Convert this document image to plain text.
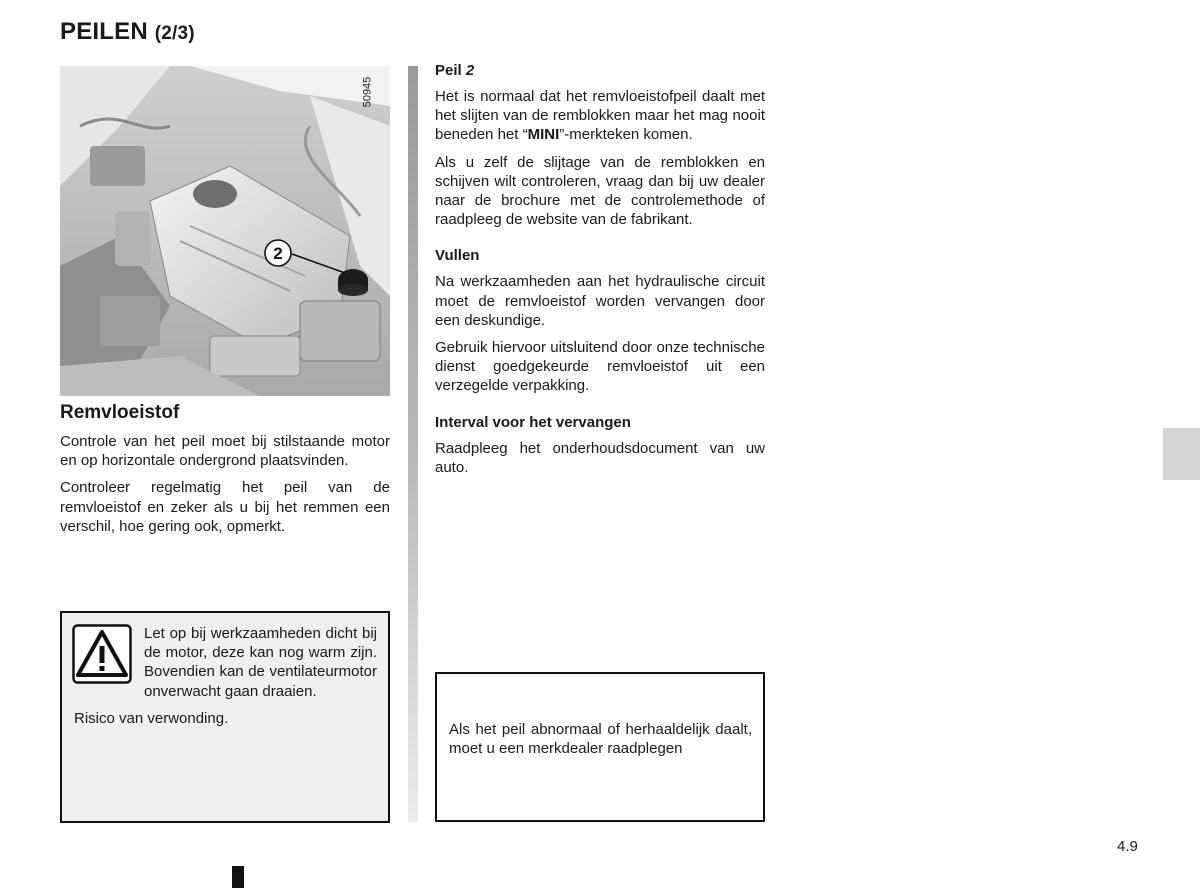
PEILEN (2/3)
2
50945

Remvloeistof

Controle van het peil moet bij stilstaande motor en op horizontale ondergrond plaatsvinden.

Controleer regelmatig het peil van de remvloeistof en zeker als u bij het remmen een verschil, hoe gering ook, opmerkt.

Let op bij werkzaamheden dicht bij de motor, deze kan nog warm zijn. Bovendien kan de ventilateurmotor onverwacht gaan draaien.

Risico van verwonding.

Peil 2

Het is normaal dat het remvloeistofpeil daalt met het slijten van de remblokken maar het mag nooit beneden het “MINI”-merkteken komen.

Als u zelf de slijtage van de remblokken en schijven wilt controleren, vraag dan bij uw dealer naar de brochure met de controlemethode of raadpleeg de website van de fabrikant.

Vullen

Na werkzaamheden aan het hydraulische circuit moet de remvloeistof worden vervangen door een deskundige.

Gebruik hiervoor uitsluitend door onze technische dienst goedgekeurde remvloeistof uit een verzegelde verpakking.

Interval voor het vervangen

Raadpleeg het onderhoudsdocument van uw auto.

Als het peil abnormaal of herhaaldelijk daalt, moet u een merkdealer raadplegen

4.9
